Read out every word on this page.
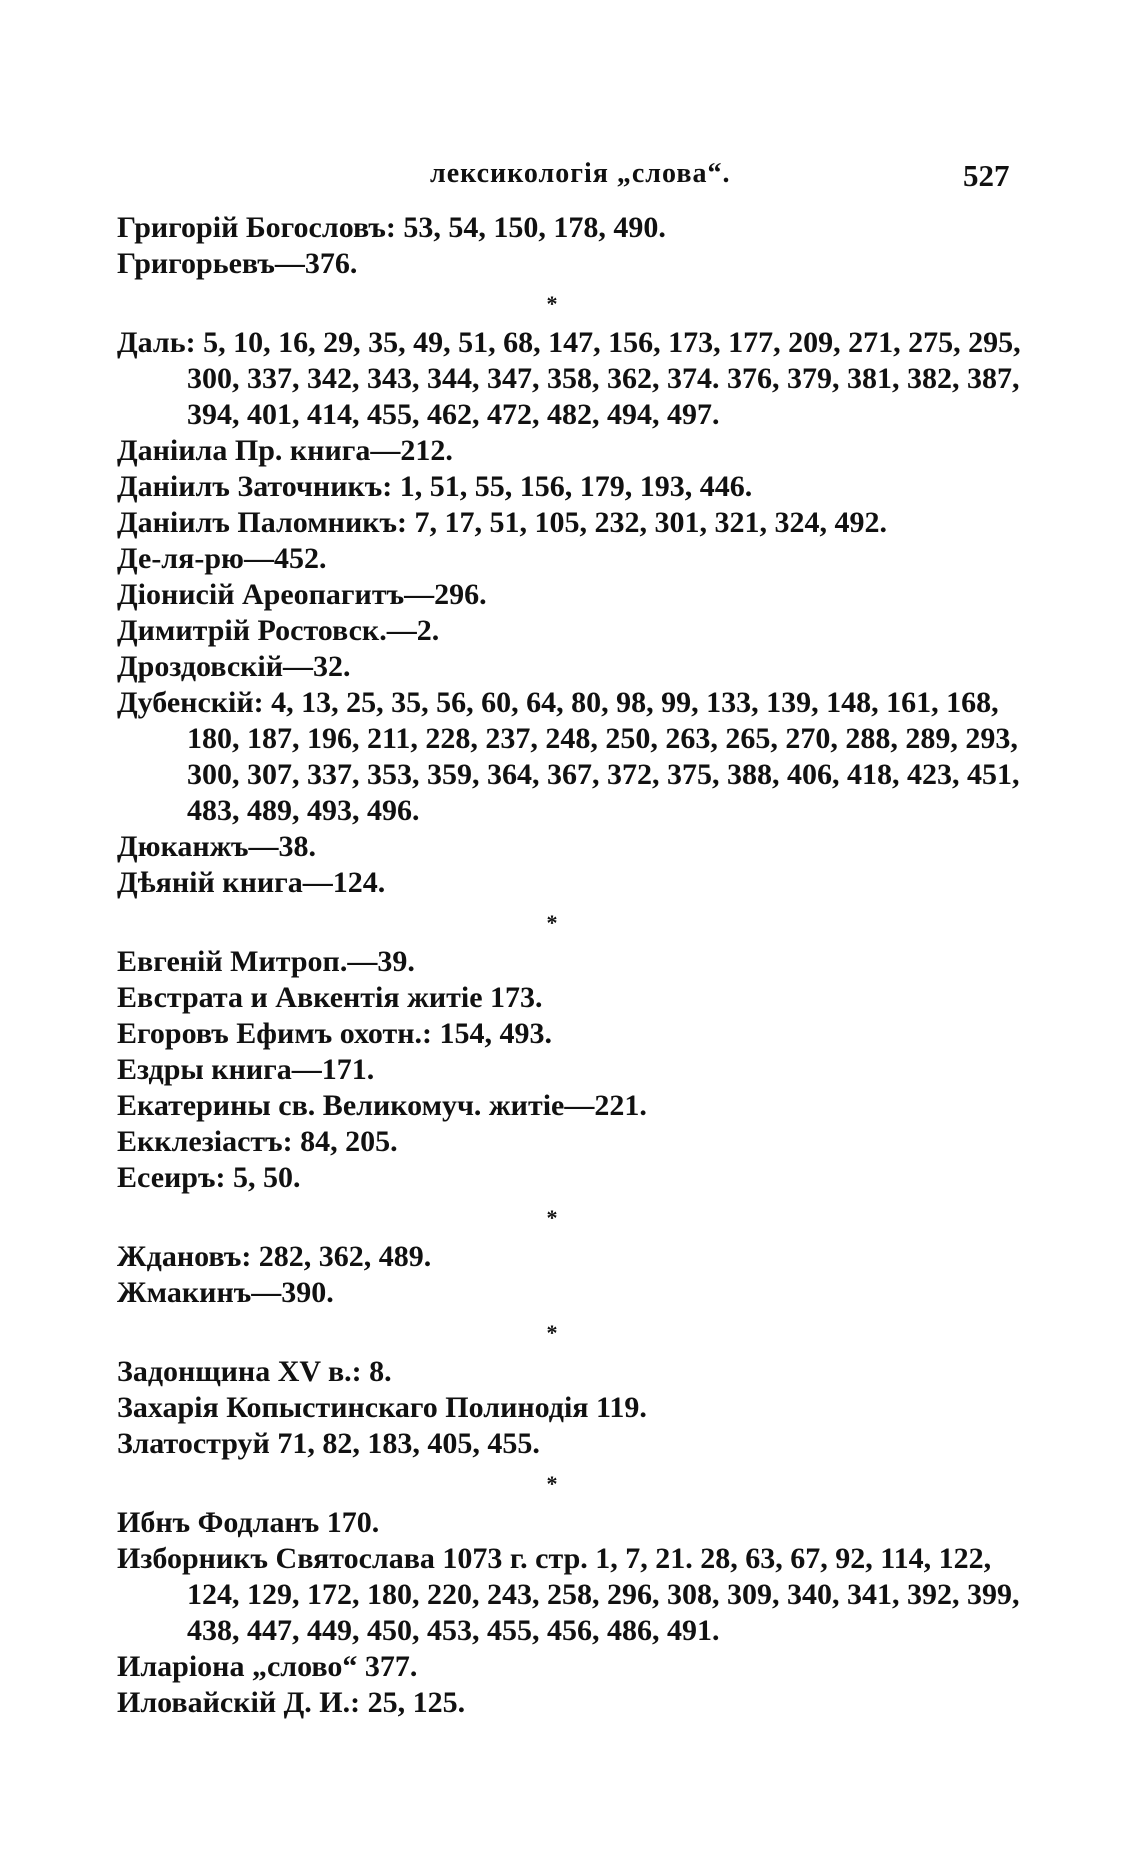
лексикологія „слова“.	527
Григорій Богословъ: 53, 54, 150, 178, 490.
Григорьевъ—376.
*
Даль: 5, 10, 16, 29, 35, 49, 51, 68, 147, 156, 173, 177, 209, 271, 275, 295, 300, 337, 342, 343, 344, 347, 358, 362, 374. 376, 379, 381, 382, 387, 394, 401, 414, 455, 462, 472, 482, 494, 497.
Даніила Пр. книга—212.
Даніилъ Заточникъ: 1, 51, 55, 156, 179, 193, 446.
Даніилъ Паломникъ: 7, 17, 51, 105, 232, 301, 321, 324, 492.
Де-ля-рю—452.
Діонисій Ареопагитъ—296.
Димитрій Ростовск.—2.
Дроздовскій—32.
Дубенскій: 4, 13, 25, 35, 56, 60, 64, 80, 98, 99, 133, 139, 148, 161, 168, 180, 187, 196, 211, 228, 237, 248, 250, 263, 265, 270, 288, 289, 293, 300, 307, 337, 353, 359, 364, 367, 372, 375, 388, 406, 418, 423, 451, 483, 489, 493, 496.
Дюканжъ—38.
Дѣяній книга—124.
*
Евгеній Митроп.—39.
Евстрата и Авкентія житіе 173.
Егоровъ Ефимъ охотн.: 154, 493.
Ездры книга—171.
Екатерины св. Великомуч. житіе—221.
Екклезіастъ: 84, 205.
Есеиръ: 5, 50.
*
Ждановъ: 282, 362, 489.
Жмакинъ—390.
*
Задонщина XV в.: 8.
Захарія Копыстинскаго Полинодія 119.
Златоструй 71, 82, 183, 405, 455.
*
Ибнъ Фодланъ 170.
Изборникъ Святослава 1073 г. стр. 1, 7, 21. 28, 63, 67, 92, 114, 122, 124, 129, 172, 180, 220, 243, 258, 296, 308, 309, 340, 341, 392, 399, 438, 447, 449, 450, 453, 455, 456, 486, 491.
Иларіона „слово“ 377.
Иловайскій Д. И.: 25, 125.
